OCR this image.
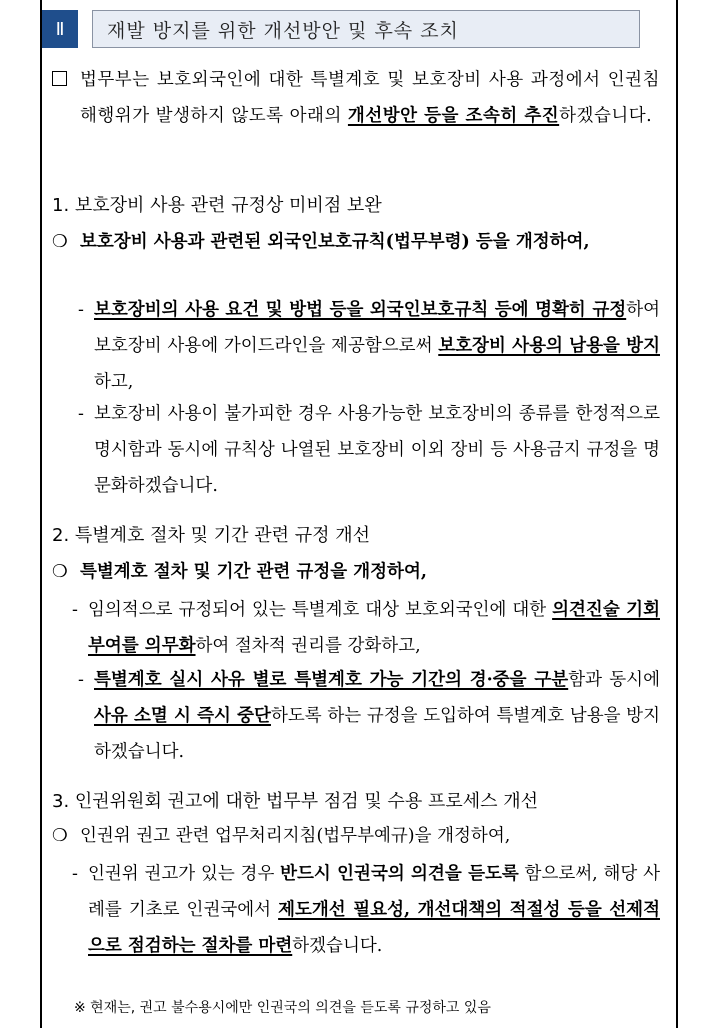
Ⅱ	재발 방지를 위한 개선방안 및 후속 조치
법무부는 보호외국인에 대한 특별계호 및 보호장비 사용 과정에서 인권침해행위가 발생하지 않도록 아래의 개선방안 등을 조속히 추진하겠습니다.
1. 보호장비 사용 관련 규정상 미비점 보완
❍ 보호장비 사용과 관련된 외국인보호규칙(법무부령) 등을 개정하여,
- 보호장비의 사용 요건 및 방법 등을 외국인보호규칙 등에 명확히 규정하여 보호장비 사용에 가이드라인을 제공함으로써 보호장비 사용의 남용을 방지하고,
- 보호장비 사용이 불가피한 경우 사용가능한 보호장비의 종류를 한정적으로 명시함과 동시에 규칙상 나열된 보호장비 이외 장비 등 사용금지 규정을 명문화하겠습니다.
2. 특별계호 절차 및 기간 관련 규정 개선
❍ 특별계호 절차 및 기간 관련 규정을 개정하여,
- 임의적으로 규정되어 있는 특별계호 대상 보호외국인에 대한 의견진술 기회 부여를 의무화하여 절차적 권리를 강화하고,
- 특별계호 실시 사유 별로 특별계호 가능 기간의 경·중을 구분함과 동시에 사유 소멸 시 즉시 중단하도록 하는 규정을 도입하여 특별계호 남용을 방지하겠습니다.
3. 인권위원회 권고에 대한 법무부 점검 및 수용 프로세스 개선
❍ 인권위 권고 관련 업무처리지침(법무부예규)을 개정하여,
- 인권위 권고가 있는 경우 반드시 인권국의 의견을 듣도록 함으로써, 해당 사례를 기초로 인권국에서 제도개선 필요성, 개선대책의 적절성 등을 선제적으로 점검하는 절차를 마련하겠습니다.
※ 현재는, 권고 불수용시에만 인권국의 의견을 듣도록 규정하고 있음
